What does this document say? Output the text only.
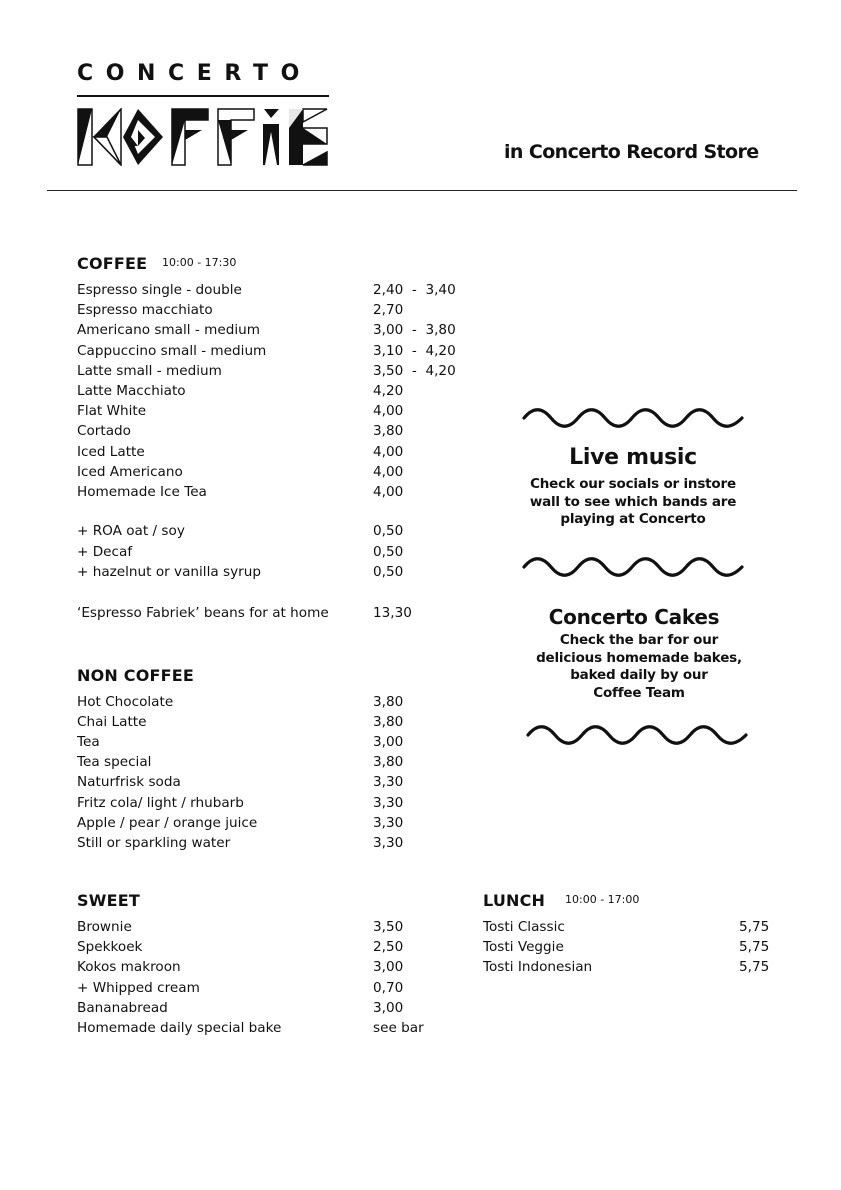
CONCERTO
in Concerto Record Store
COFFEE 10:00 - 17:30
Espresso single - double	2,40  -  3,40
Espresso macchiato	2,70
Americano small - medium	3,00  -  3,80
Cappuccino small - medium	3,10  -  4,20
Latte small - medium	3,50  -  4,20
Latte Macchiato	4,20
Flat White	4,00
Cortado	3,80
Iced Latte	4,00
Iced Americano	4,00
Homemade Ice Tea	4,00
+ ROA oat / soy	0,50
+ Decaf	0,50
+ hazelnut or vanilla syrup	0,50
‘Espresso Fabriek’ beans for at home	13,30
NON COFFEE
Hot Chocolate	3,80
Chai Latte	3,80
Tea	3,00
Tea special	3,80
Naturfrisk soda	3,30
Fritz cola/ light / rhubarb	3,30
Apple / pear / orange juice	3,30
Still or sparkling water	3,30
SWEET
Brownie	3,50
Spekkoek	2,50
Kokos makroon	3,00
+ Whipped cream	0,70
Bananabread	3,00
Homemade daily special bake	see bar
LUNCH 10:00 - 17:00
Tosti Classic	5,75
Tosti Veggie	5,75
Tosti Indonesian	5,75
Live music
Check our socials or instore
wall to see which bands are
playing at Concerto
Concerto Cakes
Check the bar for our
delicious homemade bakes,
baked daily by our
Coffee Team
